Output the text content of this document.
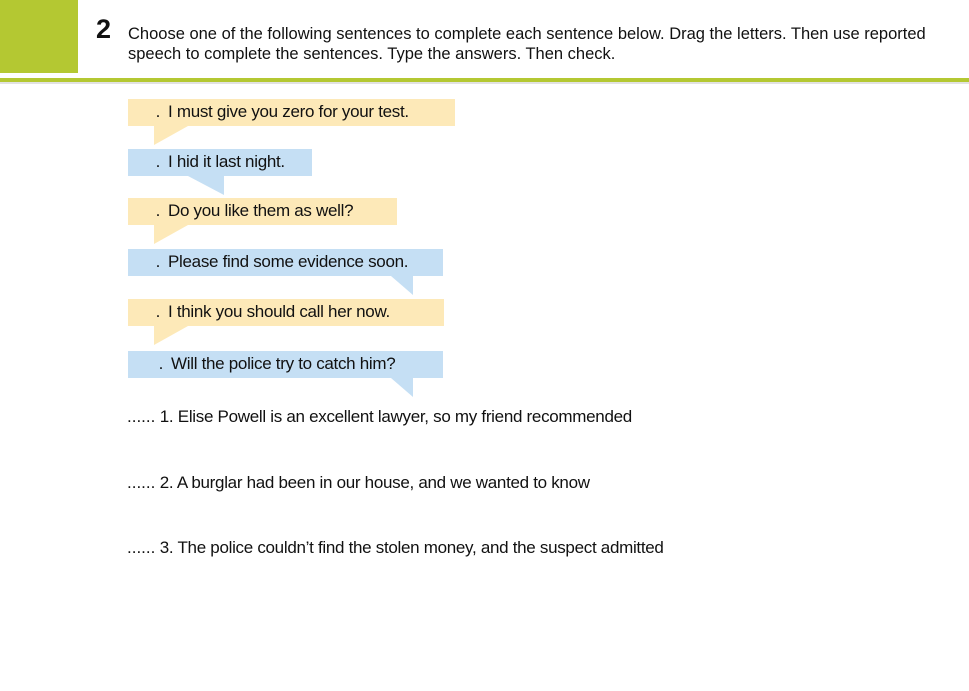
2 Choose one of the following sentences to complete each sentence below. Drag the letters. Then use reported speech to complete the sentences. Type the answers. Then check.
. I must give you zero for your test.
. I hid it last night.
. Do you like them as well?
. Please find some evidence soon.
. I think you should call her now.
. Will the police try to catch him?
...... 1. Elise Powell is an excellent lawyer, so my friend recommended
...... 2. A burglar had been in our house, and we wanted to know
...... 3. The police couldn’t find the stolen money, and the suspect admitted
